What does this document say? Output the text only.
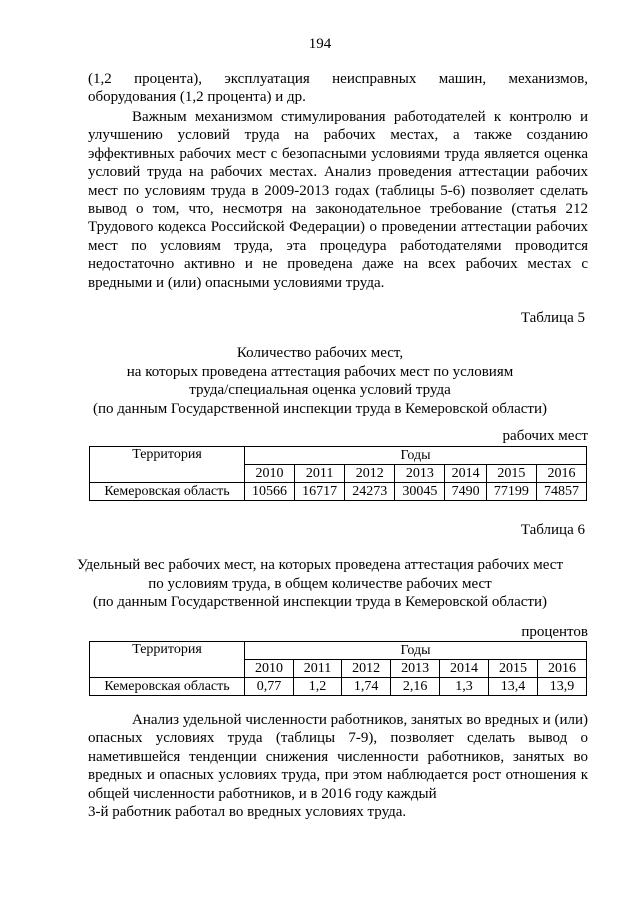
194

(1,2 процента), эксплуатация неисправных машин, механизмов,
оборудования (1,2 процента) и др.

Важным механизмом стимулирования работодателей к контролю и улучшению условий труда на рабочих местах, а также созданию эффективных рабочих мест с безопасными условиями труда является оценка условий труда на рабочих местах. Анализ проведения аттестации рабочих мест по условиям труда в 2009-2013 годах (таблицы 5-6) позволяет сделать вывод о том, что, несмотря на законодательное требование (статья 212 Трудового кодекса Российской Федерации) о проведении аттестации рабочих мест по условиям труда, эта процедура работодателями проводится недостаточно активно и не проведена даже на всех рабочих местах с вредными и (или) опасными условиями труда.

Таблица 5
Количество рабочих мест,
на которых проведена аттестация рабочих мест по условиям
труда/специальная оценка условий труда
(по данным Государственной инспекции труда в Кемеровской области)
рабочих мест
Территория	Годы						
	2010	2011	2012	2013	2014	2015	2016
Кемеровская область	10566	16717	24273	30045	7490	77199	74857
Таблица 6
Удельный вес рабочих мест, на которых проведена аттестация рабочих мест
по условиям труда, в общем количестве рабочих мест
(по данным Государственной инспекции труда в Кемеровской области)
процентов
Территория	Годы						
	2010	2011	2012	2013	2014	2015	2016
Кемеровская область	0,77	1,2	1,74	2,16	1,3	13,4	13,9

Анализ удельной численности работников, занятых во вредных и (или) опасных условиях труда (таблицы 7-9), позволяет сделать вывод о наметившейся тенденции снижения численности работников, занятых во вредных и опасных условиях труда, при этом наблюдается рост отношения к общей численности работников, и в 2016 году каждый
3-й работник работал во вредных условиях труда.
